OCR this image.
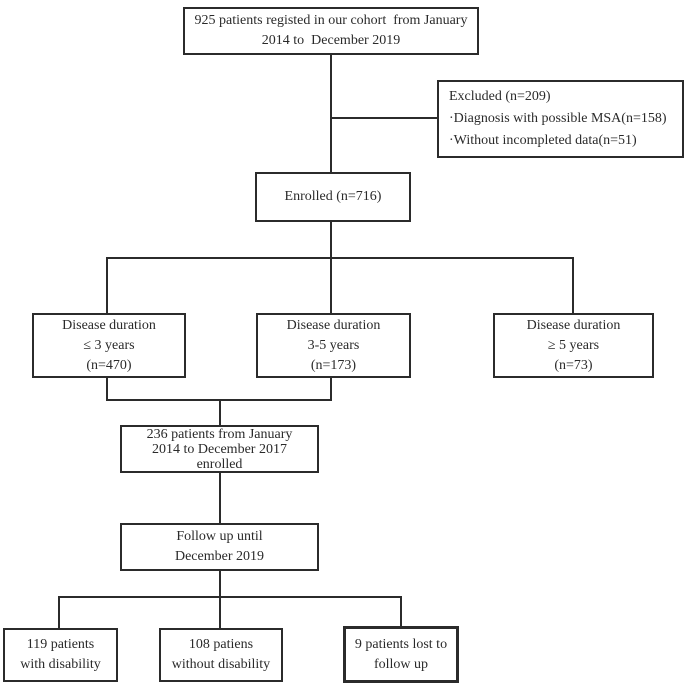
925 patients registed in our cohort  from January
2014 to  December 2019
Excluded (n=209)
·Diagnosis with possible MSA(n=158)
·Without incompleted data(n=51)
Enrolled (n=716)
Disease duration
≤ 3 years
(n=470)
Disease duration
3-5 years
(n=173)
Disease duration
≥ 5 years
(n=73)
236 patients from January
2014 to December 2017
enrolled
Follow up until
December 2019
119 patients
with disability
108 patiens
without disability
9 patients lost to
follow up
